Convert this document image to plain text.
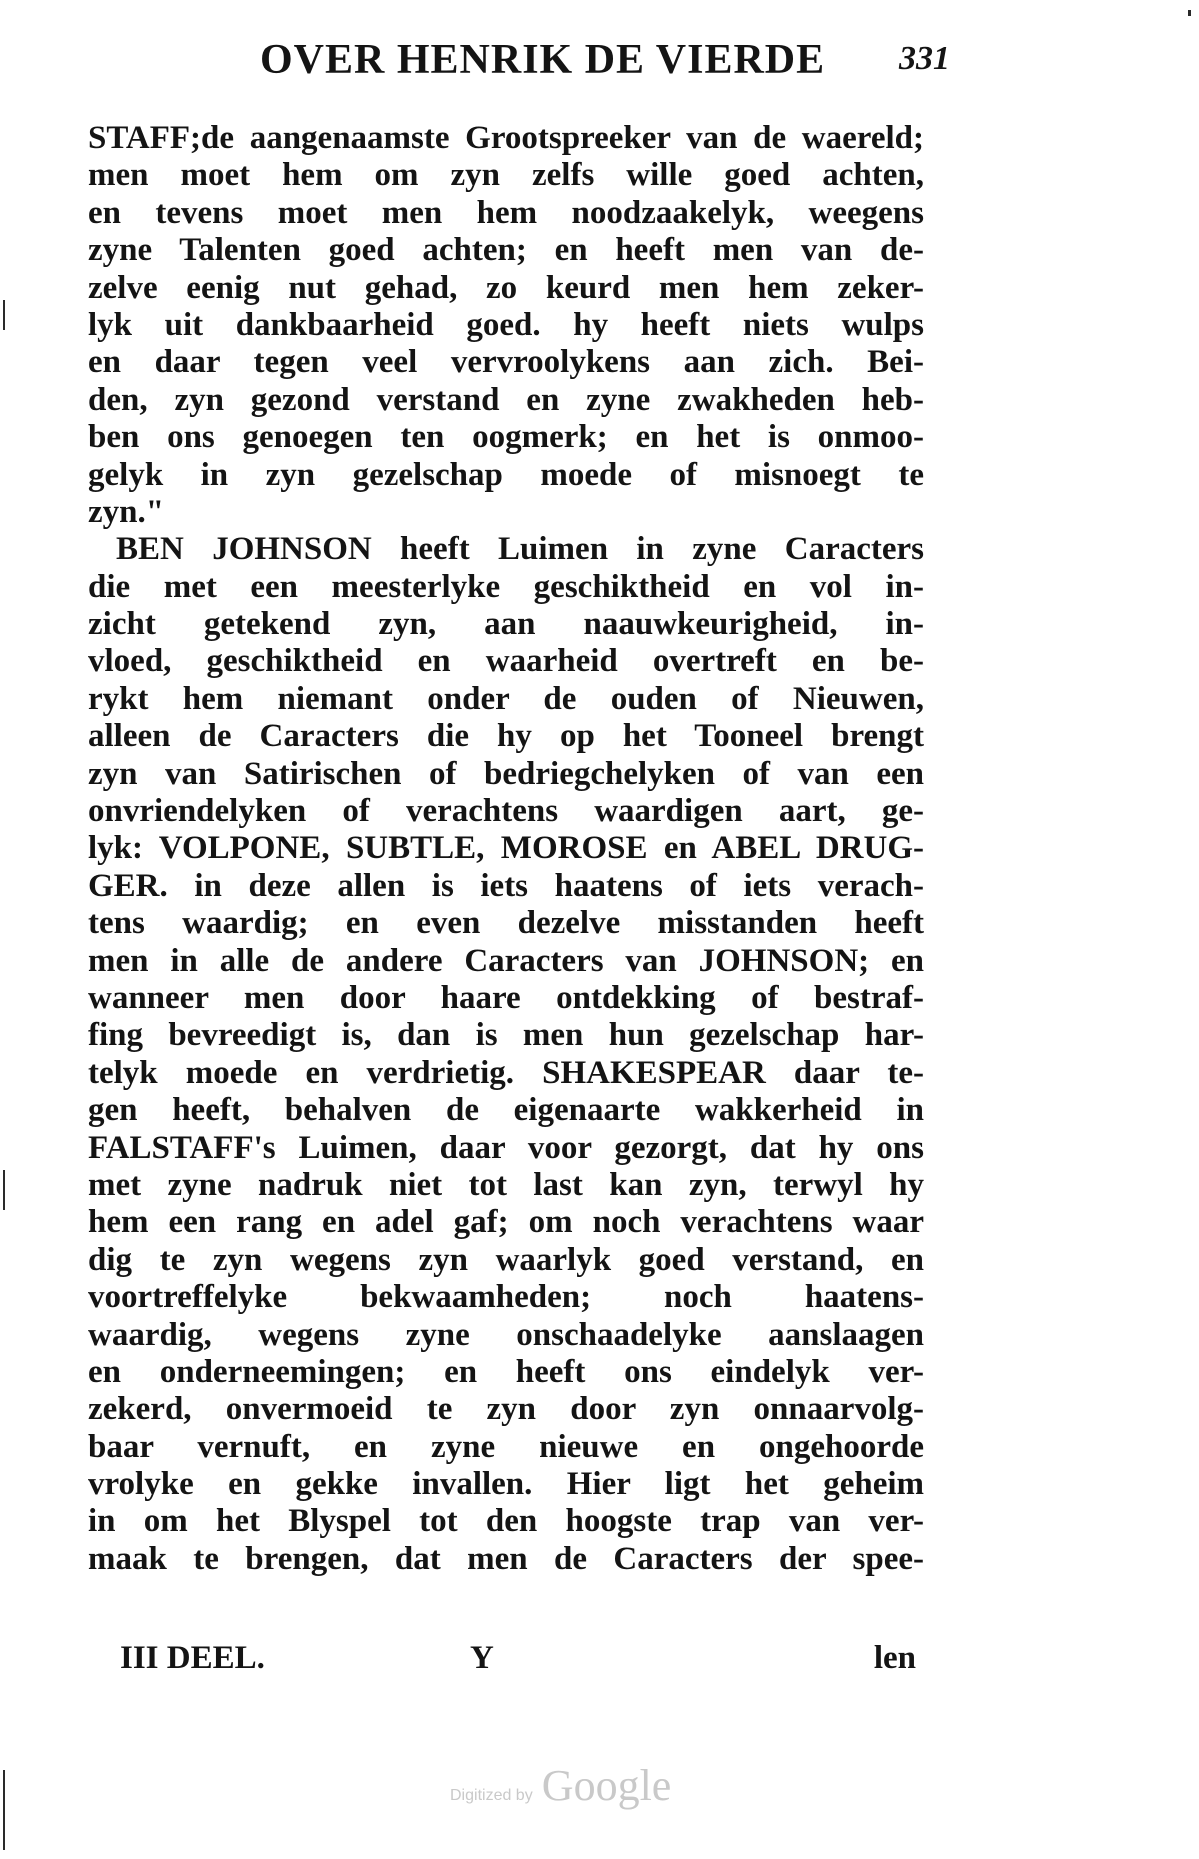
OVER HENRIK DE VIERDE 331
STAFF;de aangenaamste Grootspreeker van de waereld;
men moet hem om zyn zelfs wille goed achten,
en tevens moet men hem noodzaakelyk, weegens
zyne Talenten goed achten; en heeft men van de-
zelve eenig nut gehad, zo keurd men hem zeker-
lyk uit dankbaarheid goed. hy heeft niets wulps
en daar tegen veel vervroolykens aan zich. Bei-
den, zyn gezond verstand en zyne zwakheden heb-
ben ons genoegen ten oogmerk; en het is onmoo-
gelyk in zyn gezelschap moede of misnoegt te
zyn."
BEN JOHNSON heeft Luimen in zyne Caracters
die met een meesterlyke geschiktheid en vol in-
zicht getekend zyn, aan naauwkeurigheid, in-
vloed, geschiktheid en waarheid overtreft en be-
rykt hem niemant onder de ouden of Nieuwen,
alleen de Caracters die hy op het Tooneel brengt
zyn van Satirischen of bedriegchelyken of van een
onvriendelyken of verachtens waardigen aart, ge-
lyk: VOLPONE, SUBTLE, MOROSE en ABEL DRUG-
GER. in deze allen is iets haatens of iets verach-
tens waardig; en even dezelve misstanden heeft
men in alle de andere Caracters van JOHNSON; en
wanneer men door haare ontdekking of bestraf-
fing bevreedigt is, dan is men hun gezelschap har-
telyk moede en verdrietig. SHAKESPEAR daar te-
gen heeft, behalven de eigenaarte wakkerheid in
FALSTAFF's Luimen, daar voor gezorgt, dat hy ons
met zyne nadruk niet tot last kan zyn, terwyl hy
hem een rang en adel gaf; om noch verachtens waar
dig te zyn wegens zyn waarlyk goed verstand, en
voortreffelyke bekwaamheden; noch haatens-
waardig, wegens zyne onschaadelyke aanslaagen
en onderneemingen; en heeft ons eindelyk ver-
zekerd, onvermoeid te zyn door zyn onnaarvolg-
baar vernuft, en zyne nieuwe en ongehoorde
vrolyke en gekke invallen. Hier ligt het geheim
in om het Blyspel tot den hoogste trap van ver-
maak te brengen, dat men de Caracters der spee-
III DEEL.	Y	len
Digitized by Google
